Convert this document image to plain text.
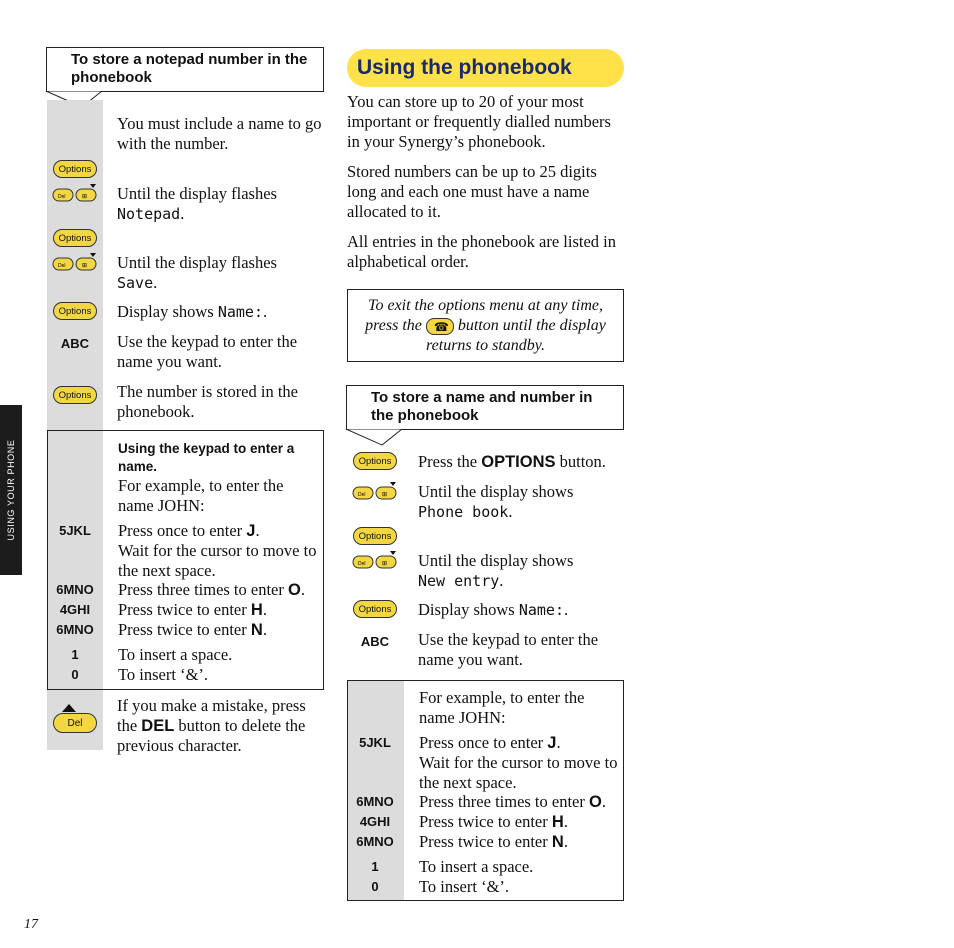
USING YOUR PHONE
To store a notepad number in the phonebook
You must include a name to go with the number.
Options
Del	⊞ Until the display flashes
Notepad.
Options
Del	⊞ Until the display flashes
Save.
Options Display shows Name:.
ABC	Use the keypad to enter the name you want.
Options The number is stored in the phonebook.
Using the keypad to enter a name.
For example, to enter the name JOHN:
5JKL	Press once to enter J.
Wait for the cursor to move to the next space.
6MNO	Press three times to enter O.
4GHI	Press twice to enter H.
6MNO	Press twice to enter N.
1	To insert a space.
0	To insert ‘&’.
Del
If you make a mistake, press the DEL button to delete the previous character.
Using the phonebook
You can store up to 20 of your most important or frequently dialled numbers in your Synergy’s phonebook.
Stored numbers can be up to 25 digits long and each one must have a name allocated to it.
All entries in the phonebook are listed in alphabetical order.
To exit the options menu at any time, press the☎ button until the display returns to standby.
To store a name and number in the phonebook
Options Press the OPTIONS button.
Del	⊞ Until the display shows
Phone book.
Options
Del	⊞ Until the display shows
New entry.
Options Display shows Name:.
ABC	Use the keypad to enter the name you want.
For example, to enter the name JOHN:
5JKL	Press once to enter J.
Wait for the cursor to move to the next space.
6MNO	Press three times to enter O.
4GHI	Press twice to enter H.
6MNO	Press twice to enter N.
1	To insert a space.
0	To insert ‘&’.
17
